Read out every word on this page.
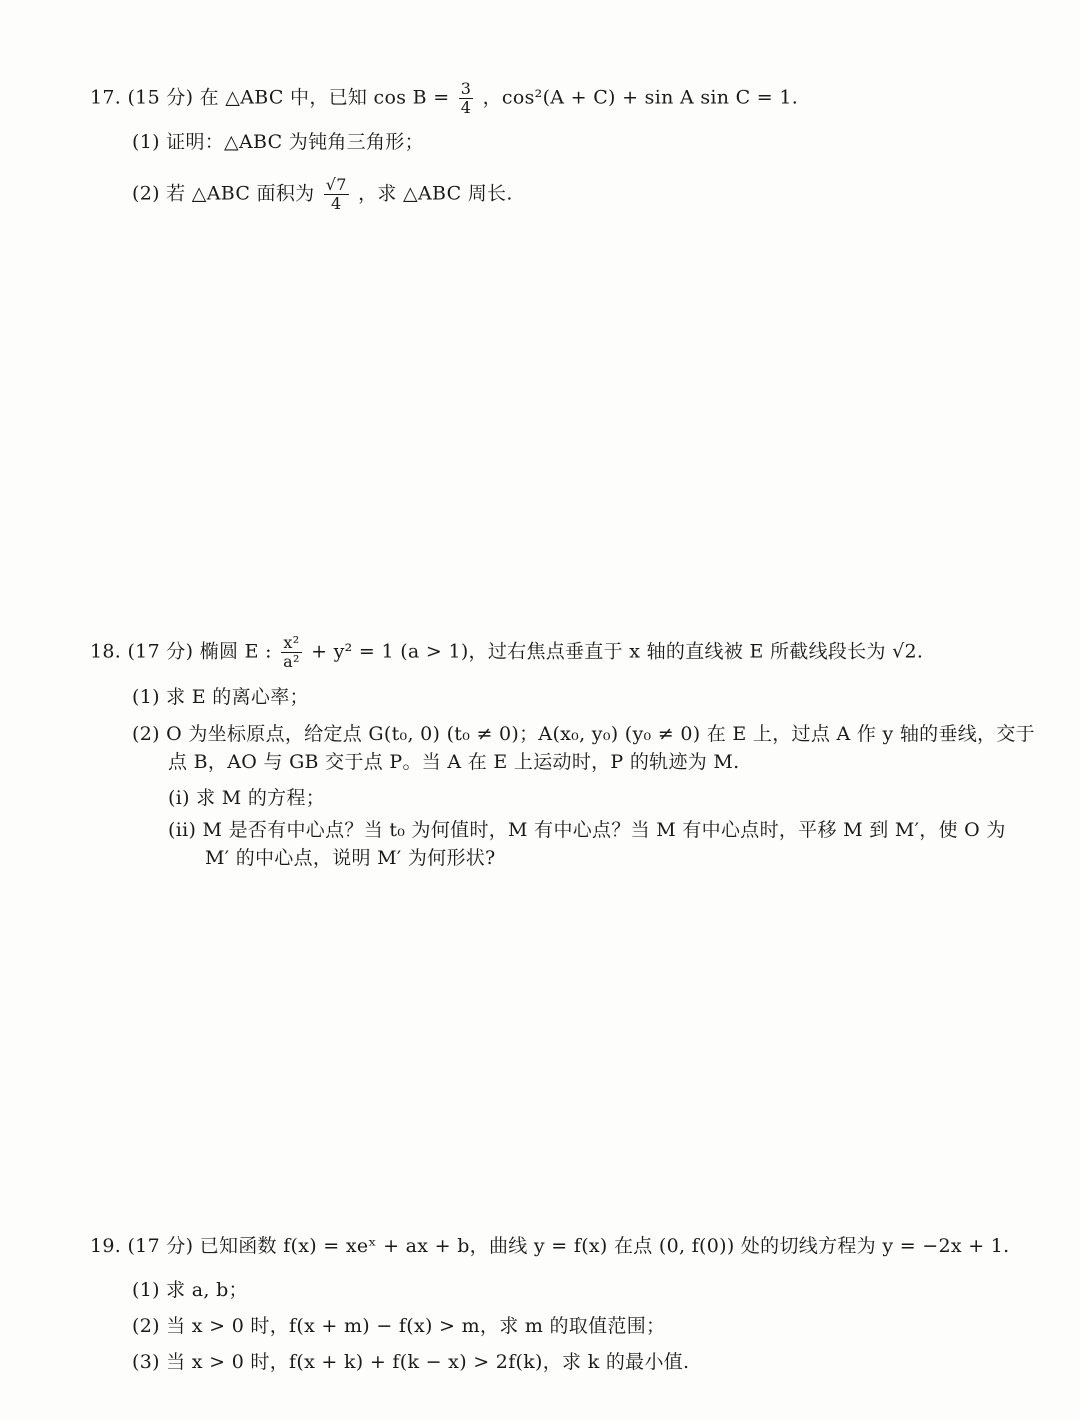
17. (15 分) 在 △ABC 中，已知 $\cos B = \frac{3}{4}$ ，cos²(A + C) + sin A sin C = 1.
(1) 证明：△ABC 为钝角三角形；
(2) 若 △ABC 面积为 $\frac{√7}{4}$ ，求 △ABC 周长.
18. (17 分) 椭圆 E : $\frac{\text{x²}}{\text{a²}} + y^2 = 1$ (a > 1)，过右焦点垂直于 x 轴的直线被 E 所截线段长为 √2.
(1) 求 E 的离心率；
(2) O 为坐标原点，给定点 G(t₀, 0) (t₀ ≠ 0)；A(x₀, y₀) (y₀ ≠ 0) 在 E 上，过点 A 作 y 轴的垂线，交于
点 B，AO 与 GB 交于点 P。当 A 在 E 上运动时，P 的轨迹为 M.
(i) 求 M 的方程；
(ii) M 是否有中心点？当 t₀ 为何值时，M 有中心点？当 M 有中心点时，平移 M 到 M′，使 O 为
M′ 的中心点，说明 M′ 为何形状?
19. (17 分) 已知函数 f(x) = xeˣ + ax + b，曲线 y = f(x) 在点 (0, f(0)) 处的切线方程为 y = −2x + 1.
(1) 求 a, b；
(2) 当 x > 0 时，f(x + m) − f(x) > m，求 m 的取值范围；
(3) 当 x > 0 时，f(x + k) + f(k − x) > 2f(k)，求 k 的最小值.
